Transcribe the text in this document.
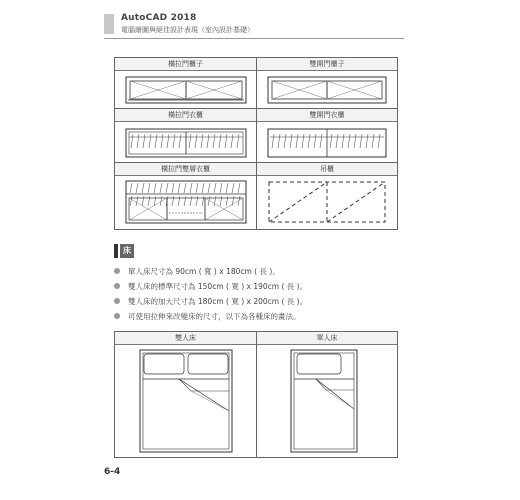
AutoCAD 2018
電腦繪圖與絕佳設計表現（室內設計基礎）
橫拉門櫃子	雙開門櫃子
橫拉門衣櫃	雙開門衣櫃
橫拉門雙層衣櫃	吊櫃
床
單人床尺寸為 90cm ( 寬 ) x 180cm ( 長 )。
雙人床的標準尺寸為 150cm ( 寬 ) x 190cm ( 長 )。
雙人床的加大尺寸為 180cm ( 寬 ) x 200cm ( 長 )。
可使用拉伸來改變床的尺寸，以下為各種床的畫法。
雙人床	單人床
6-4
